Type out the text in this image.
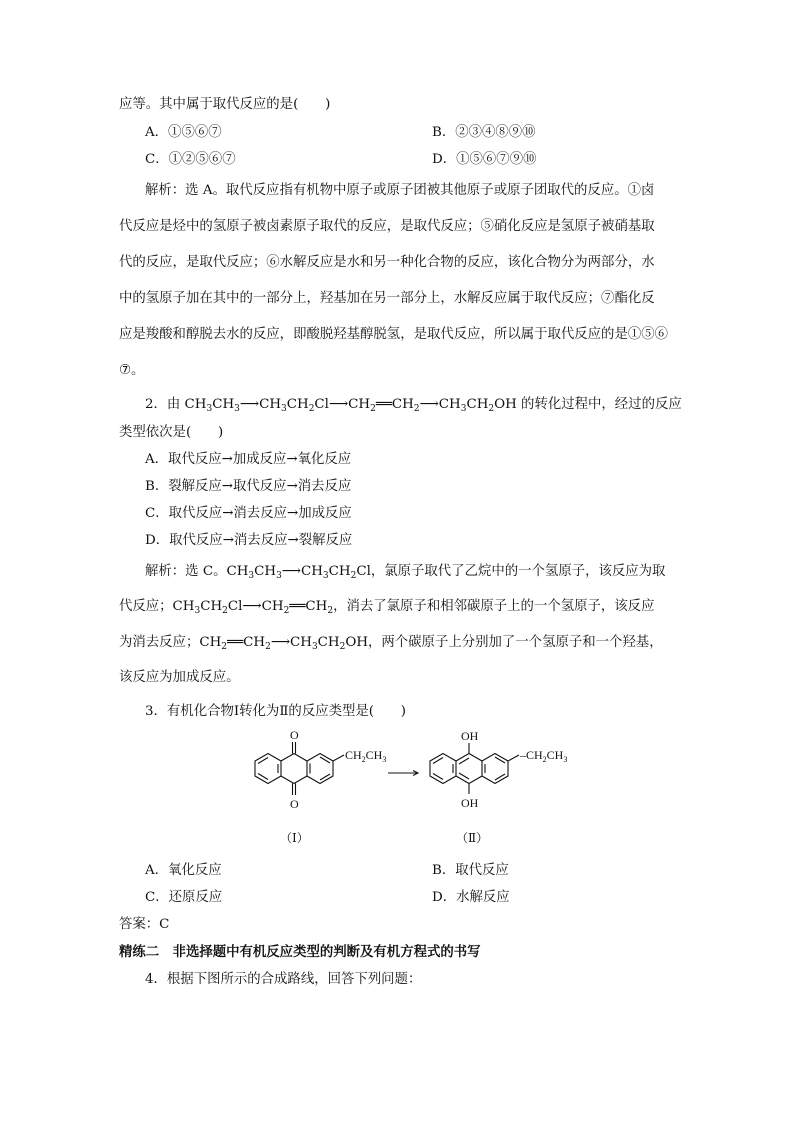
应等。其中属于取代反应的是(　　)
A．①⑤⑥⑦	B．②③④⑧⑨⑩
C．①②⑤⑥⑦	D．①⑤⑥⑦⑨⑩
解析：选 A。取代反应指有机物中原子或原子团被其他原子或原子团取代的反应。①卤
代反应是烃中的氢原子被卤素原子取代的反应，是取代反应；⑤硝化反应是氢原子被硝基取
代的反应，是取代反应；⑥水解反应是水和另一种化合物的反应，该化合物分为两部分，水
中的氢原子加在其中的一部分上，羟基加在另一部分上，水解反应属于取代反应；⑦酯化反
应是羧酸和醇脱去水的反应，即酸脱羟基醇脱氢，是取代反应，所以属于取代反应的是①⑤⑥
⑦。
2．由 $CH_3CH_3⟶CH_3CH_2Cl⟶CH_2══CH_2⟶CH_3CH_2OH$ 的转化过程中，经过的反应
类型依次是(　　)
A．取代反应→加成反应→氧化反应
B．裂解反应→取代反应→消去反应
C．取代反应→消去反应→加成反应
D．取代反应→消去反应→裂解反应
解析：选 C。$CH_3CH_3⟶CH_3CH_2Cl$，氯原子取代了乙烷中的一个氢原子，该反应为取
代反应；$CH_3CH_2Cl⟶CH_2══CH_2$，消去了氯原子和相邻碳原子上的一个氢原子，该反应
为消去反应；$CH_2══CH_2⟶CH_3CH_2OH$，两个碳原子上分别加了一个氢原子和一个羟基，
该反应为加成反应。
3．有机化合物Ⅰ转化为Ⅱ的反应类型是(　　)
O
O
$CH_2CH_3$
OH
OH
$-CH_2CH_3$
（Ⅰ）	（Ⅱ）
A．氧化反应	B．取代反应
C．还原反应	D．水解反应
答案：C
精练二　非选择题中有机反应类型的判断及有机方程式的书写
4．根据下图所示的合成路线，回答下列问题：
